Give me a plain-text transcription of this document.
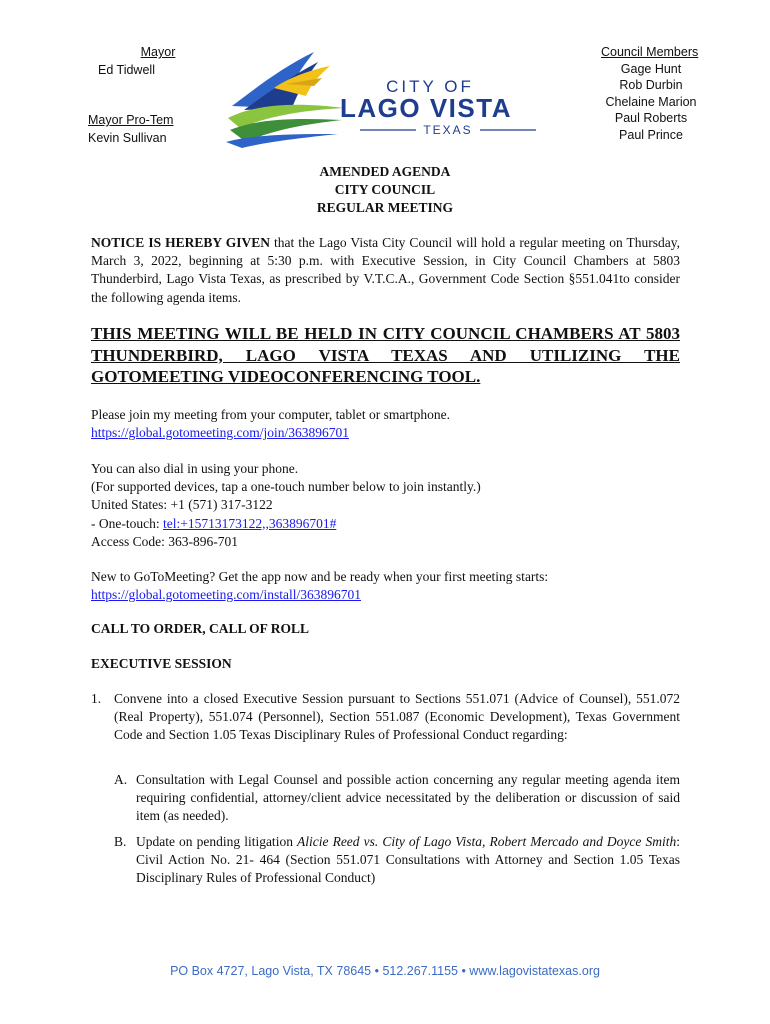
Mayor
Ed Tidwell
Mayor Pro-Tem
Kevin Sullivan
CITY OF
LAGO VISTA
TEXAS
Council Members
Gage Hunt
Rob Durbin
Chelaine Marion
Paul Roberts
Paul Prince
AMENDED AGENDA
CITY COUNCIL
REGULAR MEETING

NOTICE IS HEREBY GIVEN that the Lago Vista City Council will hold a regular meeting on Thursday, March 3, 2022, beginning at 5:30 p.m. with Executive Session, in City Council Chambers at 5803 Thunderbird, Lago Vista Texas, as prescribed by V.T.C.A., Government Code Section §551.041to consider the following agenda items.

THIS MEETING WILL BE HELD IN CITY COUNCIL CHAMBERS AT 5803 THUNDERBIRD, LAGO VISTA TEXAS AND UTILIZING THE GOTOMEETING VIDEOCONFERENCING TOOL.

Please join my meeting from your computer, tablet or smartphone.
https://global.gotomeeting.com/join/363896701

You can also dial in using your phone.
(For supported devices, tap a one-touch number below to join instantly.)
United States: +1 (571) 317-3122
- One-touch: tel:+15713173122,,363896701#
Access Code: 363-896-701

New to GoToMeeting? Get the app now and be ready when your first meeting starts:
https://global.gotomeeting.com/install/363896701

CALL TO ORDER, CALL OF ROLL
EXECUTIVE SESSION
1. Convene into a closed Executive Session pursuant to Sections 551.071 (Advice of Counsel), 551.072 (Real Property), 551.074 (Personnel), Section 551.087 (Economic Development), Texas Government Code and Section 1.05 Texas Disciplinary Rules of Professional Conduct regarding:
A. Consultation with Legal Counsel and possible action concerning any regular meeting agenda item requiring confidential, attorney/client advice necessitated by the deliberation or discussion of said item (as needed).
B. Update on pending litigation Alicie Reed vs. City of Lago Vista, Robert Mercado and Doyce Smith: Civil Action No. 21- 464 (Section 551.071 Consultations with Attorney and Section 1.05 Texas Disciplinary Rules of Professional Conduct)
PO Box 4727, Lago Vista, TX 78645 • 512.267.1155 • www.lagovistatexas.org
